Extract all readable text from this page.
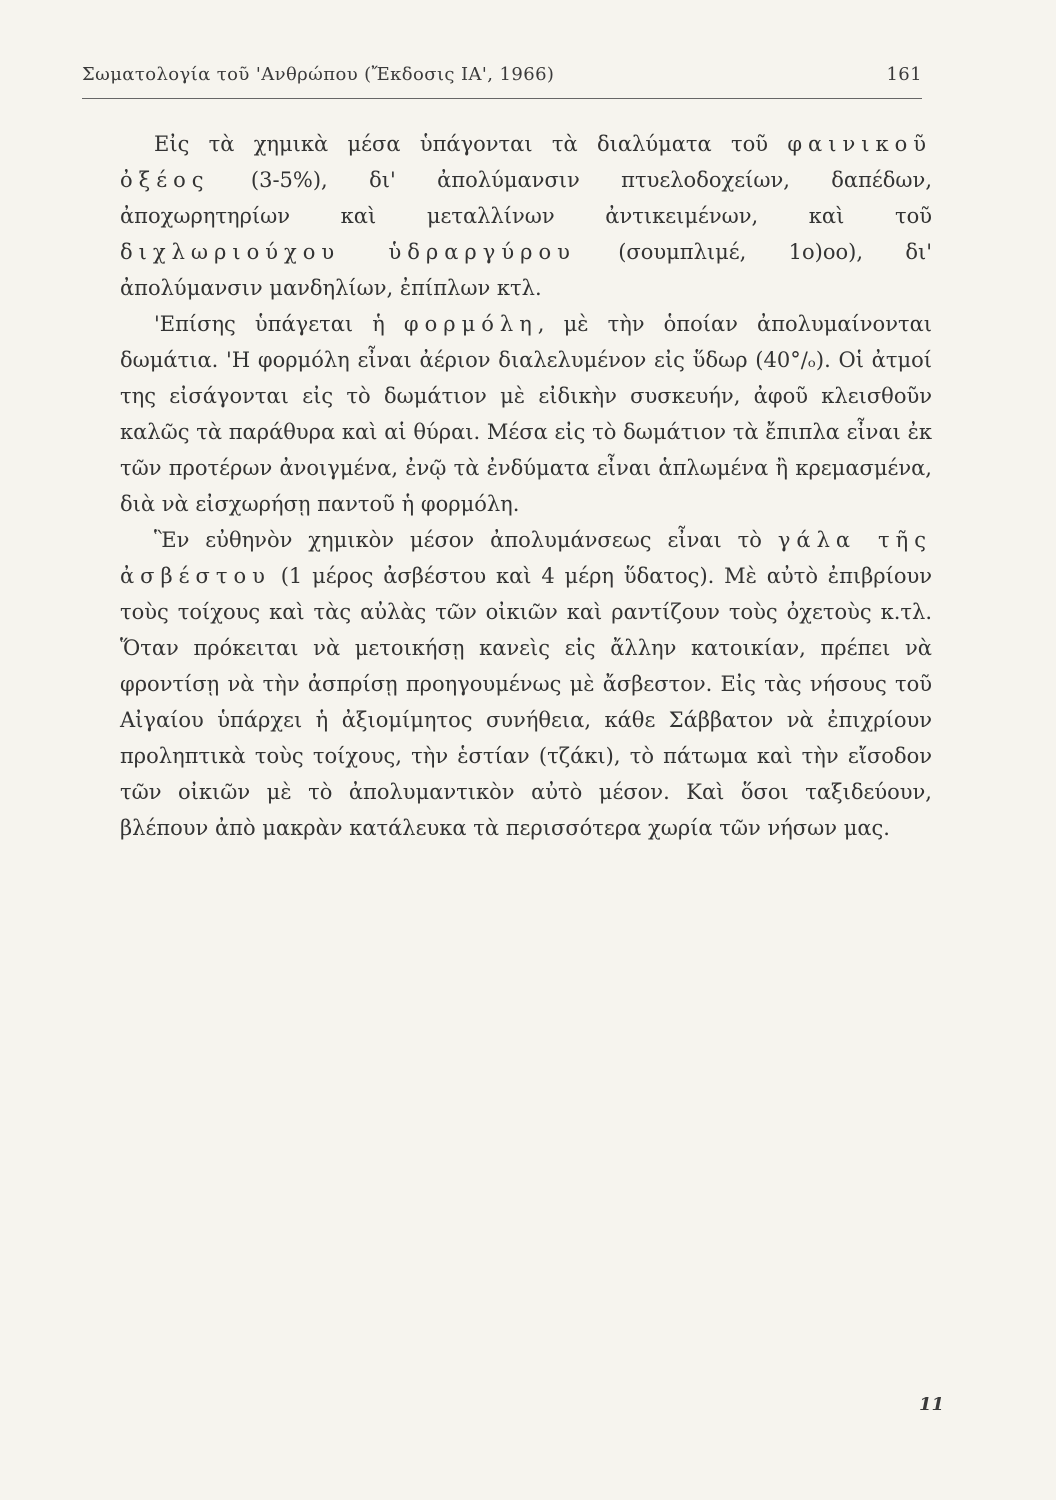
Σωματολογία τοῦ 'Ανθρώπου (Ἔκδοσις ΙΑ', 1966)	161

Εἰς τὰ χημικὰ μέσα ὑπάγονται τὰ διαλύματα τοῦ φαινικοῦ ὀξέος (3-5%), δι' ἀπολύμανσιν πτυελοδοχείων, δαπέδων, ἀποχωρητηρίων καὶ μεταλλίνων ἀντικειμένων, καὶ τοῦ διχλωριούχου ὑδραργύρου (σουμπλιμέ, 1ο)οο), δι' ἀπολύμανσιν μανδηλίων, ἐπίπλων κτλ.

'Επίσης ὑπάγεται ἡ φορμόλη, μὲ τὴν ὁποίαν ἀπολυμαίνονται δωμάτια. 'Η φορμόλη εἶναι ἀέριον διαλελυμένον εἰς ὕδωρ (40°/ₒ). Οἱ ἀτμοί της εἰσάγονται εἰς τὸ δωμάτιον μὲ εἰδικὴν συσκευήν, ἀφοῦ κλεισθοῦν καλῶς τὰ παράθυρα καὶ αἱ θύραι. Μέσα εἰς τὸ δωμάτιον τὰ ἔπιπλα εἶναι ἐκ τῶν προτέρων ἀνοιγμένα, ἐνῷ τὰ ἐνδύματα εἶναι ἁπλωμένα ἢ κρεμασμένα, διὰ νὰ εἰσχωρήσῃ παντοῦ ἡ φορμόλη.

Ἓν εὐθηνὸν χημικὸν μέσον ἀπολυμάνσεως εἶναι τὸ γάλα τῆς ἀσβέστου (1 μέρος ἀσβέστου καὶ 4 μέρη ὕδατος). Μὲ αὐτὸ ἐπιβρίουν τοὺς τοίχους καὶ τὰς αὐλὰς τῶν οἰκιῶν καὶ ραντίζουν τοὺς ὀχετοὺς κ.τλ. Ὅταν πρόκειται νὰ μετοικήσῃ κανεὶς εἰς ἄλλην κατοικίαν, πρέπει νὰ φροντίσῃ νὰ τὴν ἀσπρίσῃ προηγουμένως μὲ ἄσβεστον. Εἰς τὰς νήσους τοῦ Αἰγαίου ὑπάρχει ἡ ἀξιομίμητος συνήθεια, κάθε Σάββατον νὰ ἐπιχρίουν προληπτικὰ τοὺς τοίχους, τὴν ἑστίαν (τζάκι), τὸ πάτωμα καὶ τὴν εἴσοδον τῶν οἰκιῶν μὲ τὸ ἀπολυμαντικὸν αὐτὸ μέσον. Καὶ ὅσοι ταξιδεύουν, βλέπουν ἀπὸ μακρὰν κατάλευκα τὰ περισσότερα χωρία τῶν νήσων μας.

11
